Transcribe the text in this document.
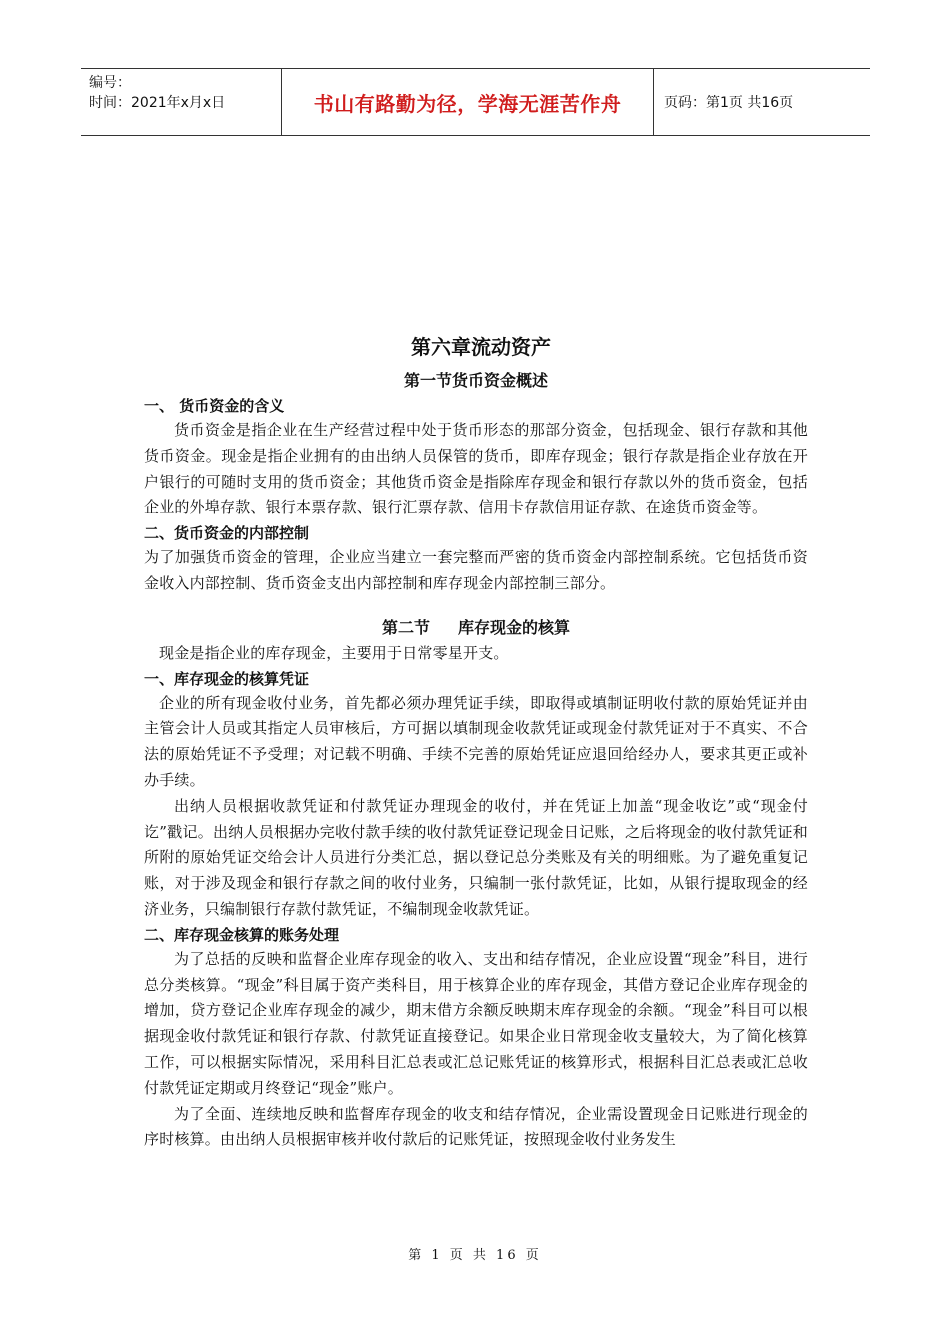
编号：
时间：2021年x月x日	书山有路勤为径，学海无涯苦作舟	页码：第1页 共16页
第六章流动资产
第一节货币资金概述
一、 货币资金的含义

货币资金是指企业在生产经营过程中处于货币形态的那部分资金，包括现金、银行存款和其他货币资金。现金是指企业拥有的由出纳人员保管的货币，即库存现金；银行存款是指企业存放在开户银行的可随时支用的货币资金；其他货币资金是指除库存现金和银行存款以外的货币资金，包括企业的外埠存款、银行本票存款、银行汇票存款、信用卡存款信用证存款、在途货币资金等。

二、货币资金的内部控制

为了加强货币资金的管理，企业应当建立一套完整而严密的货币资金内部控制系统。它包括货币资金收入内部控制、货币资金支出内部控制和库存现金内部控制三部分。

第二节 库存现金的核算

现金是指企业的库存现金，主要用于日常零星开支。

一、库存现金的核算凭证

企业的所有现金收付业务，首先都必须办理凭证手续，即取得或填制证明收付款的原始凭证并由主管会计人员或其指定人员审核后，方可据以填制现金收款凭证或现金付款凭证对于不真实、不合法的原始凭证不予受理；对记载不明确、手续不完善的原始凭证应退回给经办人，要求其更正或补办手续。

出纳人员根据收款凭证和付款凭证办理现金的收付，并在凭证上加盖“现金收讫”或“现金付讫”戳记。出纳人员根据办完收付款手续的收付款凭证登记现金日记账，之后将现金的收付款凭证和所附的原始凭证交给会计人员进行分类汇总，据以登记总分类账及有关的明细账。为了避免重复记账，对于涉及现金和银行存款之间的收付业务，只编制一张付款凭证，比如，从银行提取现金的经济业务，只编制银行存款付款凭证，不编制现金收款凭证。

二、库存现金核算的账务处理

为了总括的反映和监督企业库存现金的收入、支出和结存情况，企业应设置“现金”科目，进行总分类核算。“现金”科目属于资产类科目，用于核算企业的库存现金，其借方登记企业库存现金的增加，贷方登记企业库存现金的减少，期末借方余额反映期末库存现金的余额。“现金”科目可以根据现金收付款凭证和银行存款、付款凭证直接登记。如果企业日常现金收支量较大，为了简化核算工作，可以根据实际情况，采用科目汇总表或汇总记账凭证的核算形式，根据科目汇总表或汇总收付款凭证定期或月终登记“现金”账户。

为了全面、连续地反映和监督库存现金的收支和结存情况，企业需设置现金日记账进行现金的序时核算。由出纳人员根据审核并收付款后的记账凭证，按照现金收付业务发生

第 1 页 共 16 页
